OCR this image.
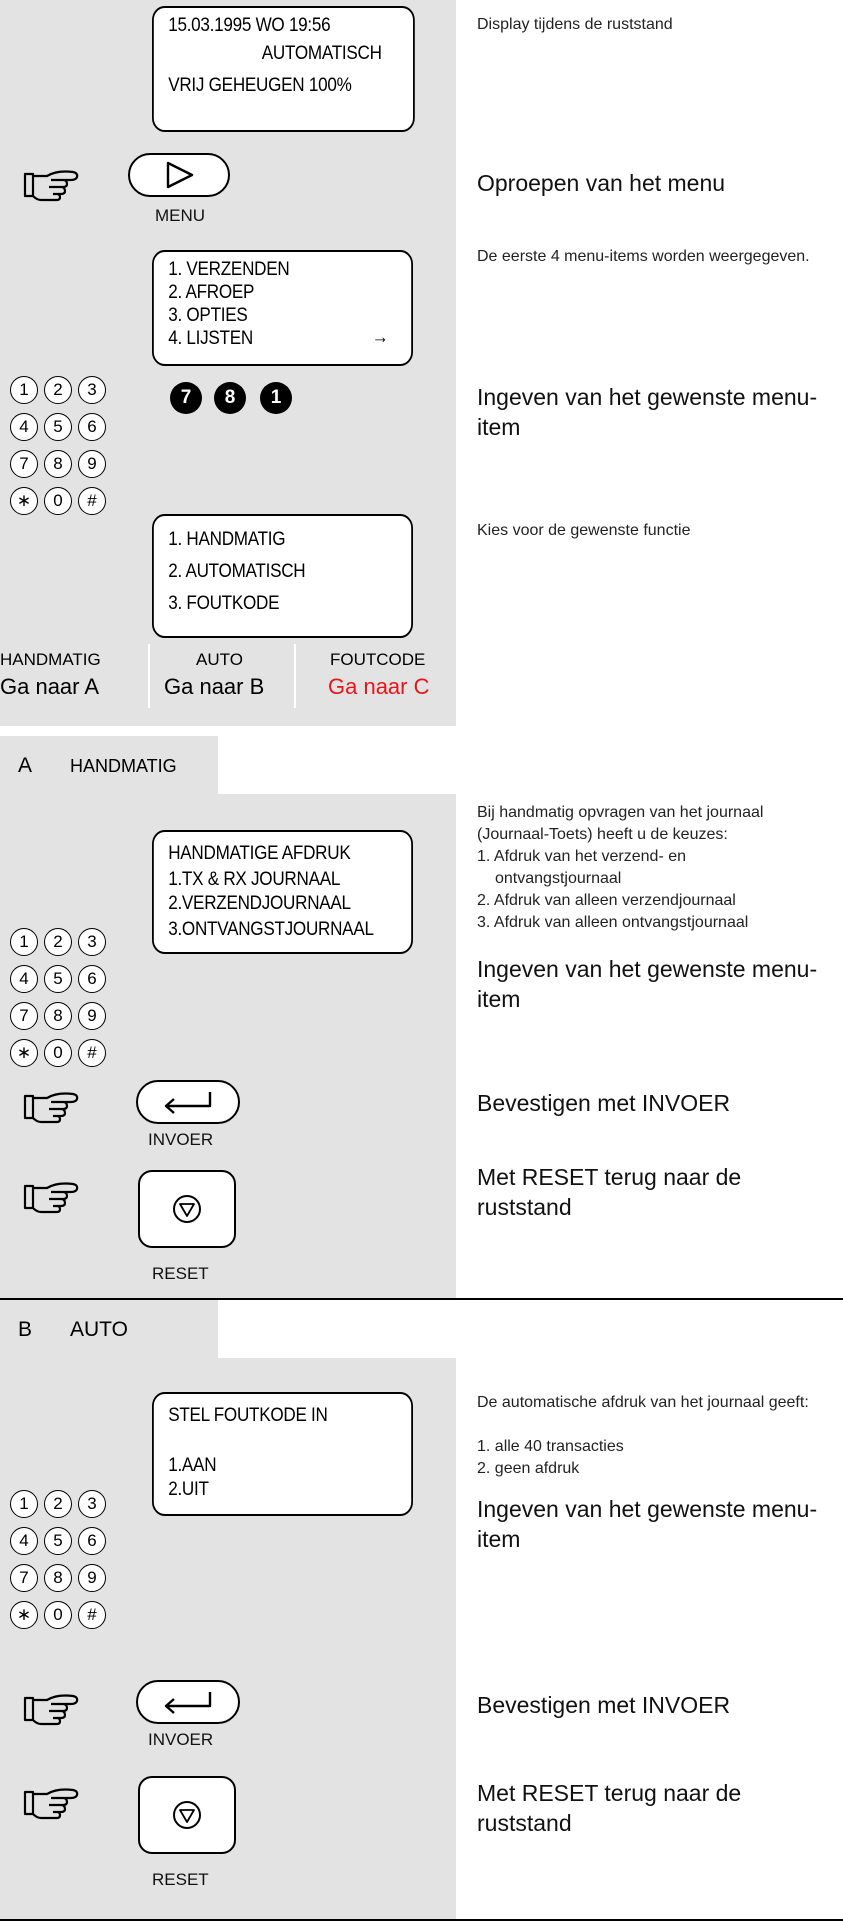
15.03.1995 WO 19:56
AUTOMATISCH
VRIJ GEHEUGEN 100%
Display tijdens de ruststand
MENU
Oproepen van het menu
1. VERZENDEN
2. AFROEP
3. OPTIES
4. LIJSTEN	→
De eerste 4 menu-items worden weergegeven.
1	2	3
4	5	6
7	8	9
∗	0	#
7	8	1	Ingeven van het gewenste menu-item
1. HANDMATIG
2. AUTOMATISCH
3. FOUTKODE
Kies voor de gewenste functie
HANDMATIG
Ga naar A
AUTO
Ga naar B
FOUTCODE
Ga naar C
A HANDMATIG
HANDMATIGE AFDRUK
1.TX & RX JOURNAAL
2.VERZENDJOURNAAL
3.ONTVANGSTJOURNAAL
Bij handmatig opvragen van het journaal (Journaal-Toets) heeft u de keuzes:
1. Afdruk van het verzend- en
ontvangstjournaal
2. Afdruk van alleen verzendjournaal
3. Afdruk van alleen ontvangstjournaal
1	2	3
4	5	6
7	8	9
∗	0	#
Ingeven van het gewenste menu-item
INVOER
Bevestigen met INVOER
RESET
Met RESET terug naar de ruststand
B AUTO
STEL FOUTKODE IN
1.AAN
2.UIT
De automatische afdruk van het journaal geeft:
1. alle 40 transacties
2. geen afdruk
1	2	3
4	5	6
7	8	9
∗	0	#
Ingeven van het gewenste menu-item
INVOER
Bevestigen met INVOER
RESET
Met RESET terug naar de ruststand
